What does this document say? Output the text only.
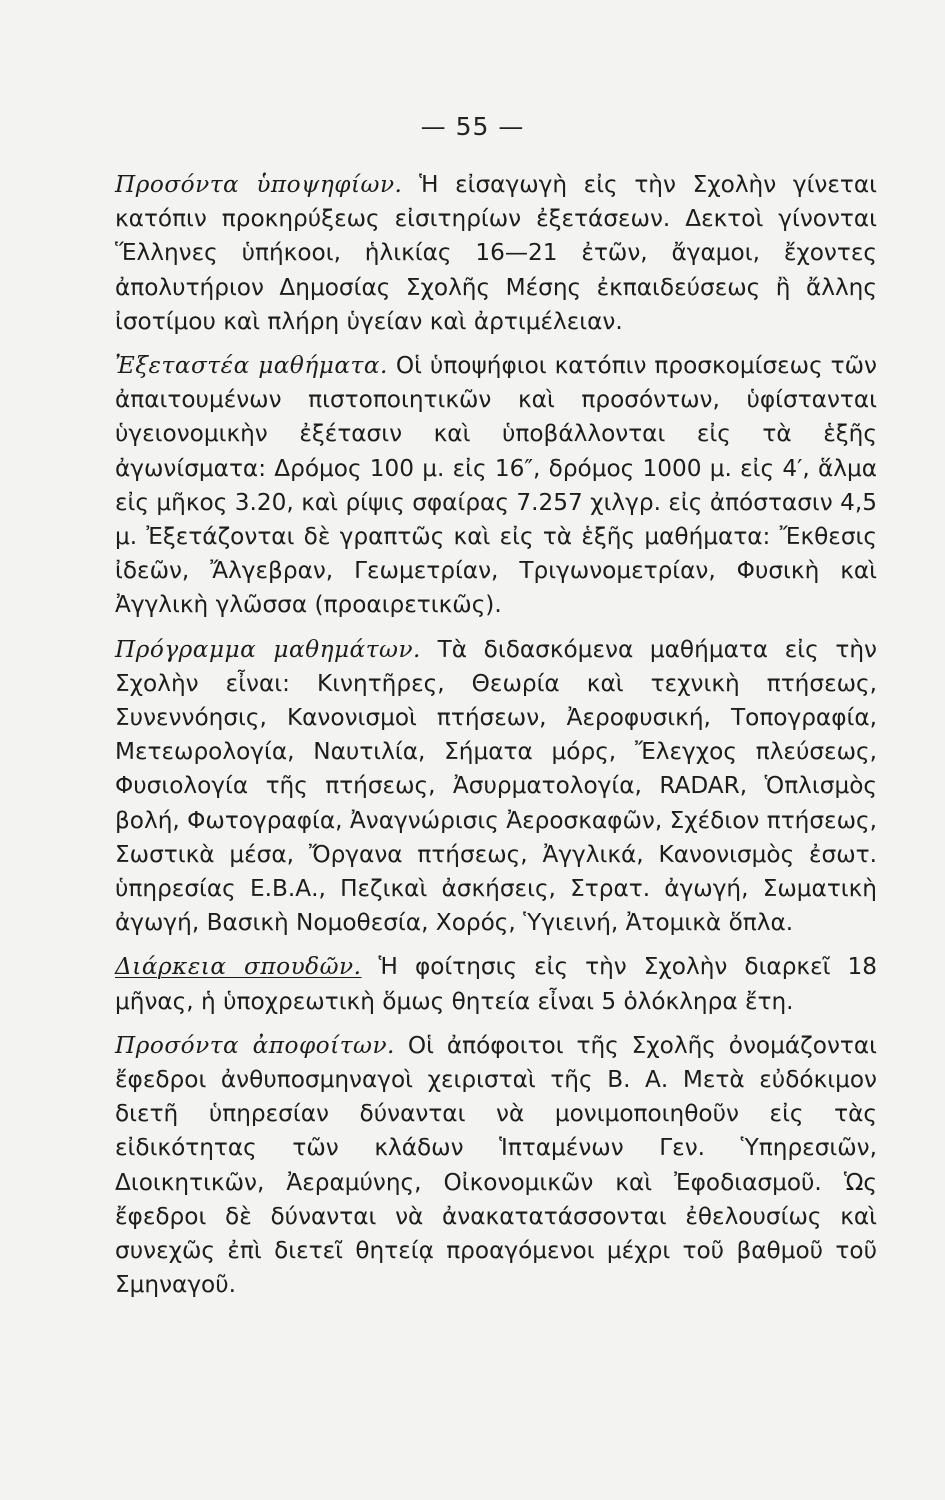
— 55 —

Προσόντα ὑποψηφίων. Ἡ εἰσαγωγὴ εἰς τὴν Σχολὴν γίνεται κατόπιν προκηρύξεως εἰσιτηρίων ἐξετάσεων. Δεκτοὶ γίνονται Ἕλληνες ὑπήκοοι, ἡλικίας 16—21 ἐτῶν, ἄγαμοι, ἔχοντες ἀπολυτήριον Δημοσίας Σχολῆς Μέσης ἐκπαιδεύσεως ἢ ἄλλης ἰσοτίμου καὶ πλήρη ὑγείαν καὶ ἀρτιμέλειαν.

Ἐξεταστέα μαθήματα. Οἱ ὑποψήφιοι κατόπιν προσκομίσεως τῶν ἀπαιτουμένων πιστοποιητικῶν καὶ προσόντων, ὑφίστανται ὑγειονομικὴν ἐξέτασιν καὶ ὑποβάλλονται εἰς τὰ ἑξῆς ἀγωνίσματα: Δρόμος 100 μ. εἰς 16″, δρόμος 1000 μ. εἰς 4′, ἅλμα εἰς μῆκος 3.20, καὶ ρίψις σφαίρας 7.257 χιλγρ. εἰς ἀπόστασιν 4,5 μ. Ἐξετάζονται δὲ γραπτῶς καὶ εἰς τὰ ἑξῆς μαθήματα: Ἔκθεσις ἰδεῶν, Ἄλγεβραν, Γεωμετρίαν, Τριγωνομετρίαν, Φυσικὴ καὶ Ἀγγλικὴ γλῶσσα (προαιρετικῶς).

Πρόγραμμα μαθημάτων. Τὰ διδασκόμενα μαθήματα εἰς τὴν Σχολὴν εἶναι: Κινητῆρες, Θεωρία καὶ τεχνικὴ πτήσεως, Συνεννόησις, Κανονισμοὶ πτήσεων, Ἀεροφυσική, Τοπογραφία, Μετεωρολογία, Ναυτιλία, Σήματα μόρς, Ἔλεγχος πλεύσεως, Φυσιολογία τῆς πτήσεως, Ἀσυρματολογία, RADAR, Ὁπλισμὸς βολή, Φωτογραφία, Ἀναγνώρισις Ἀεροσκαφῶν, Σχέδιον πτήσεως, Σωστικὰ μέσα, Ὄργανα πτήσεως, Ἀγγλικά, Κανονισμὸς ἐσωτ. ὑπηρεσίας Ε.Β.Α., Πεζικαὶ ἀσκήσεις, Στρατ. ἀγωγή, Σωματικὴ ἀγωγή, Βασικὴ Νομοθεσία, Χορός, Ὑγιεινή, Ἀτομικὰ ὅπλα.

Διάρκεια σπουδῶν. Ἡ φοίτησις εἰς τὴν Σχολὴν διαρκεῖ 18 μῆνας, ἡ ὑποχρεωτικὴ ὅμως θητεία εἶναι 5 ὁλόκληρα ἔτη.

Προσόντα ἀποφοίτων. Οἱ ἀπόφοιτοι τῆς Σχολῆς ὀνομάζονται ἔφεδροι ἀνθυποσμηναγοὶ χειρισταὶ τῆς Β. Α. Μετὰ εὐδόκιμον διετῆ ὑπηρεσίαν δύνανται νὰ μονιμοποιηθοῦν εἰς τὰς εἰδικότητας τῶν κλάδων Ἱπταμένων Γεν. Ὑπηρεσιῶν, Διοικητικῶν, Ἀεραμύνης, Οἰκονομικῶν καὶ Ἐφοδιασμοῦ. Ὡς ἔφεδροι δὲ δύνανται νὰ ἀνακατατάσσονται ἐθελουσίως καὶ συνεχῶς ἐπὶ διετεῖ θητείᾳ προαγόμενοι μέχρι τοῦ βαθμοῦ τοῦ Σμηναγοῦ.
